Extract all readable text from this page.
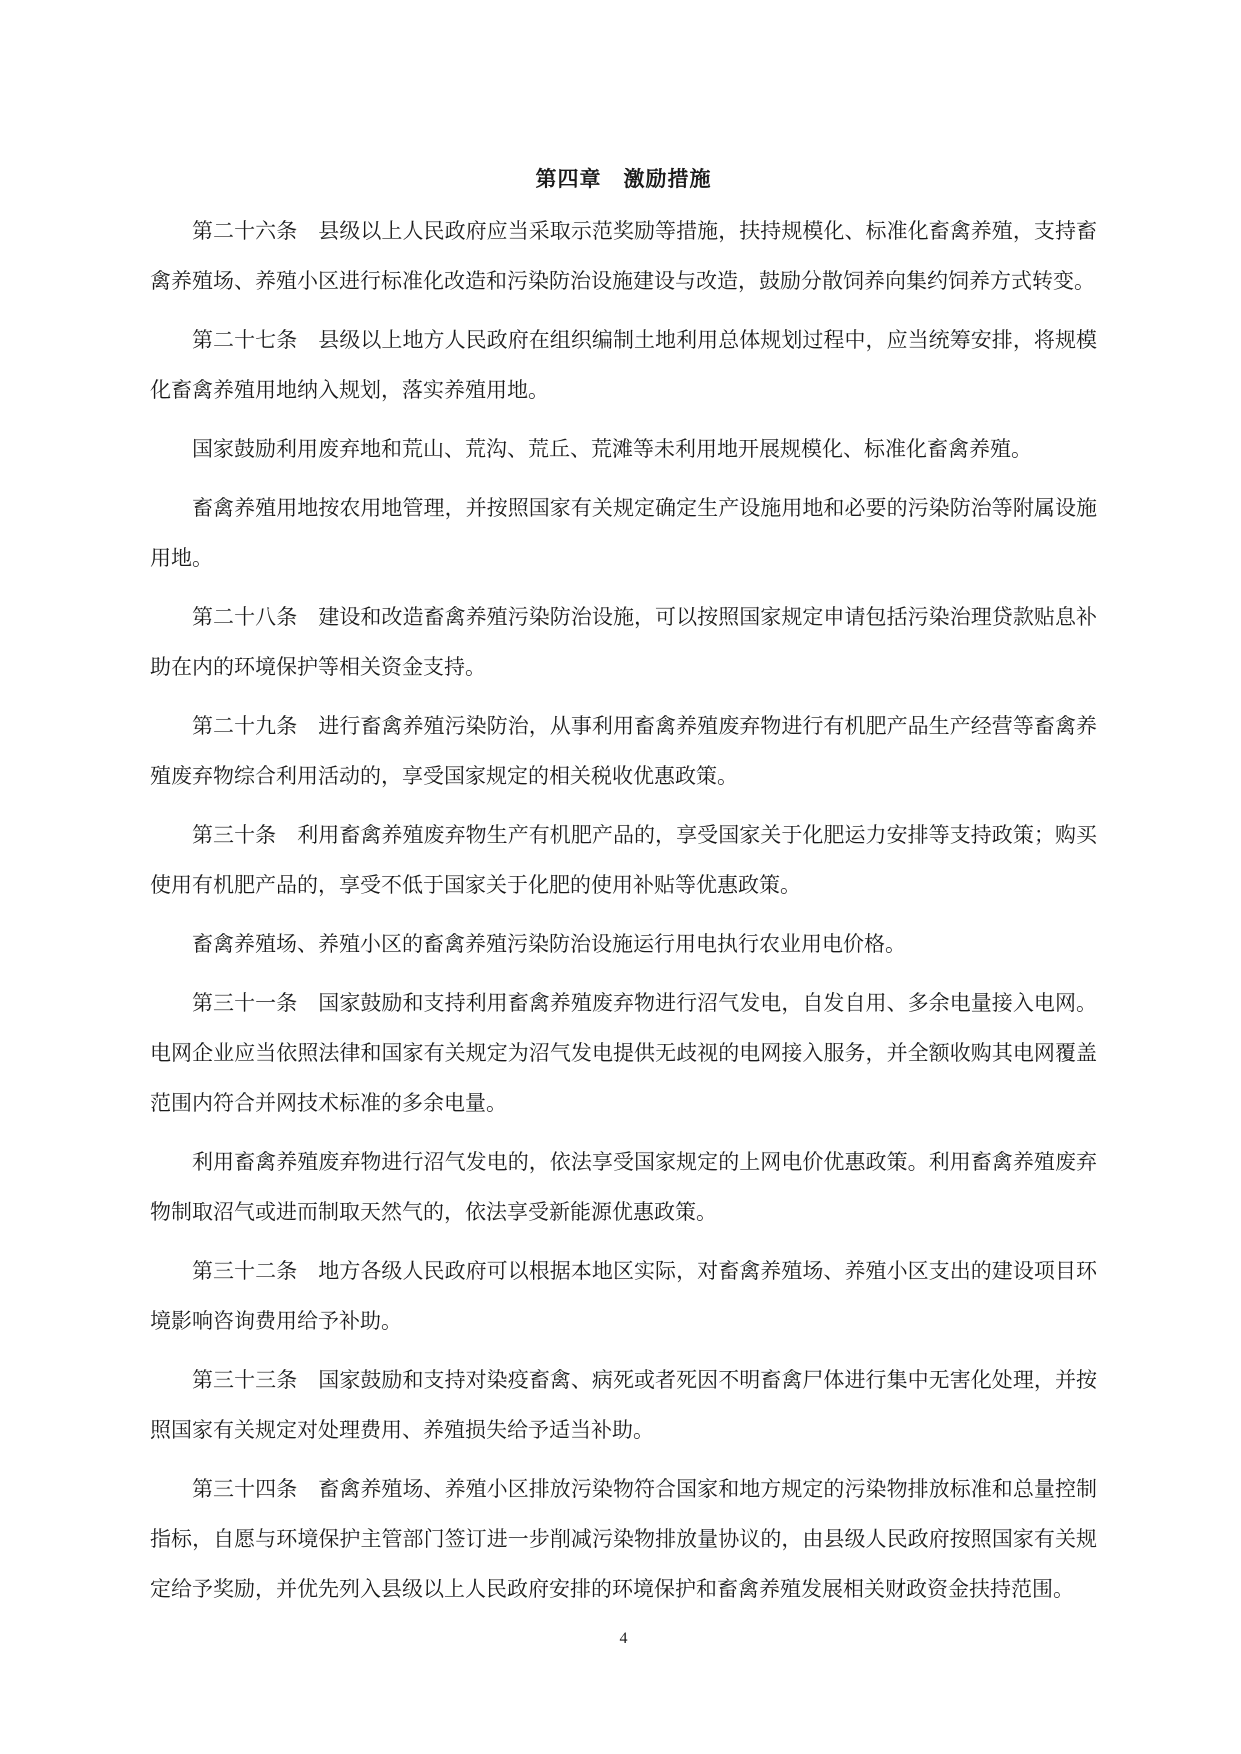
第四章　激励措施

第二十六条　县级以上人民政府应当采取示范奖励等措施，扶持规模化、标准化畜禽养殖，支持畜禽养殖场、养殖小区进行标准化改造和污染防治设施建设与改造，鼓励分散饲养向集约饲养方式转变。

第二十七条　县级以上地方人民政府在组织编制土地利用总体规划过程中，应当统筹安排，将规模化畜禽养殖用地纳入规划，落实养殖用地。

国家鼓励利用废弃地和荒山、荒沟、荒丘、荒滩等未利用地开展规模化、标准化畜禽养殖。

畜禽养殖用地按农用地管理，并按照国家有关规定确定生产设施用地和必要的污染防治等附属设施用地。

第二十八条　建设和改造畜禽养殖污染防治设施，可以按照国家规定申请包括污染治理贷款贴息补助在内的环境保护等相关资金支持。

第二十九条　进行畜禽养殖污染防治，从事利用畜禽养殖废弃物进行有机肥产品生产经营等畜禽养殖废弃物综合利用活动的，享受国家规定的相关税收优惠政策。

第三十条　利用畜禽养殖废弃物生产有机肥产品的，享受国家关于化肥运力安排等支持政策；购买使用有机肥产品的，享受不低于国家关于化肥的使用补贴等优惠政策。

畜禽养殖场、养殖小区的畜禽养殖污染防治设施运行用电执行农业用电价格。

第三十一条　国家鼓励和支持利用畜禽养殖废弃物进行沼气发电，自发自用、多余电量接入电网。电网企业应当依照法律和国家有关规定为沼气发电提供无歧视的电网接入服务，并全额收购其电网覆盖范围内符合并网技术标准的多余电量。

利用畜禽养殖废弃物进行沼气发电的，依法享受国家规定的上网电价优惠政策。利用畜禽养殖废弃物制取沼气或进而制取天然气的，依法享受新能源优惠政策。

第三十二条　地方各级人民政府可以根据本地区实际，对畜禽养殖场、养殖小区支出的建设项目环境影响咨询费用给予补助。

第三十三条　国家鼓励和支持对染疫畜禽、病死或者死因不明畜禽尸体进行集中无害化处理，并按照国家有关规定对处理费用、养殖损失给予适当补助。

第三十四条　畜禽养殖场、养殖小区排放污染物符合国家和地方规定的污染物排放标准和总量控制指标，自愿与环境保护主管部门签订进一步削减污染物排放量协议的，由县级人民政府按照国家有关规定给予奖励，并优先列入县级以上人民政府安排的环境保护和畜禽养殖发展相关财政资金扶持范围。

4
